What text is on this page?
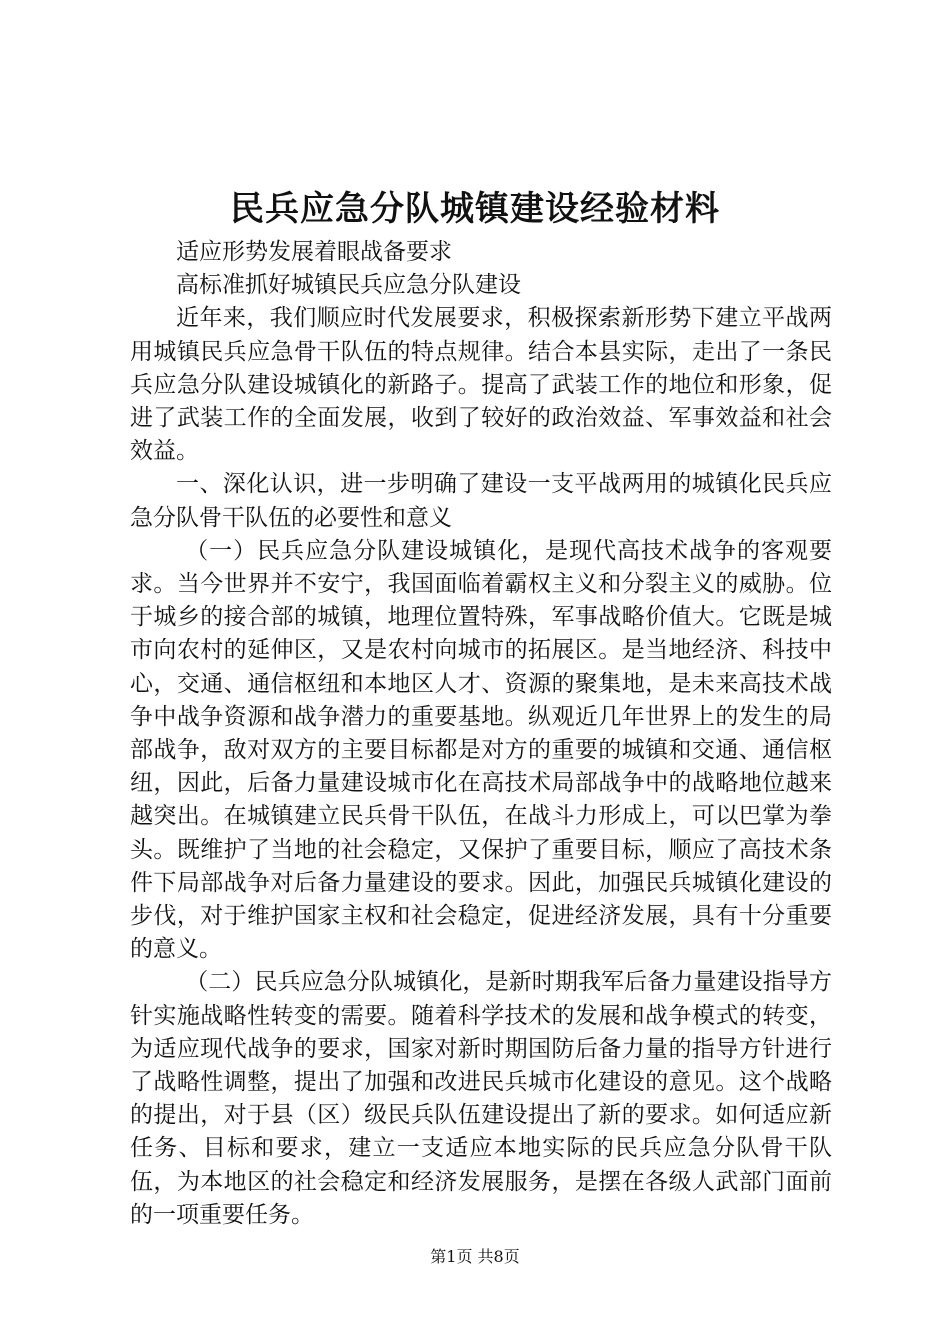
民兵应急分队城镇建设经验材料

适应形势发展着眼战备要求

高标准抓好城镇民兵应急分队建设

近年来，我们顺应时代发展要求，积极探索新形势下建立平战两用城镇民兵应急骨干队伍的特点规律。结合本县实际，走出了一条民兵应急分队建设城镇化的新路子。提高了武装工作的地位和形象，促进了武装工作的全面发展，收到了较好的政治效益、军事效益和社会效益。

一、深化认识，进一步明确了建设一支平战两用的城镇化民兵应急分队骨干队伍的必要性和意义

（一）民兵应急分队建设城镇化，是现代高技术战争的客观要求。当今世界并不安宁，我国面临着霸权主义和分裂主义的威胁。位于城乡的接合部的城镇，地理位置特殊，军事战略价值大。它既是城市向农村的延伸区，又是农村向城市的拓展区。是当地经济、科技中心，交通、通信枢纽和本地区人才、资源的聚集地，是未来高技术战争中战争资源和战争潜力的重要基地。纵观近几年世界上的发生的局部战争，敌对双方的主要目标都是对方的重要的城镇和交通、通信枢纽，因此，后备力量建设城市化在高技术局部战争中的战略地位越来越突出。在城镇建立民兵骨干队伍，在战斗力形成上，可以巴掌为拳头。既维护了当地的社会稳定，又保护了重要目标，顺应了高技术条件下局部战争对后备力量建设的要求。因此，加强民兵城镇化建设的步伐，对于维护国家主权和社会稳定，促进经济发展，具有十分重要的意义。

（二）民兵应急分队城镇化，是新时期我军后备力量建设指导方针实施战略性转变的需要。随着科学技术的发展和战争模式的转变，为适应现代战争的要求，国家对新时期国防后备力量的指导方针进行了战略性调整，提出了加强和改进民兵城市化建设的意见。这个战略的提出，对于县（区）级民兵队伍建设提出了新的要求。如何适应新任务、目标和要求，建立一支适应本地实际的民兵应急分队骨干队伍，为本地区的社会稳定和经济发展服务，是摆在各级人武部门面前的一项重要任务。

第1页 共8页
